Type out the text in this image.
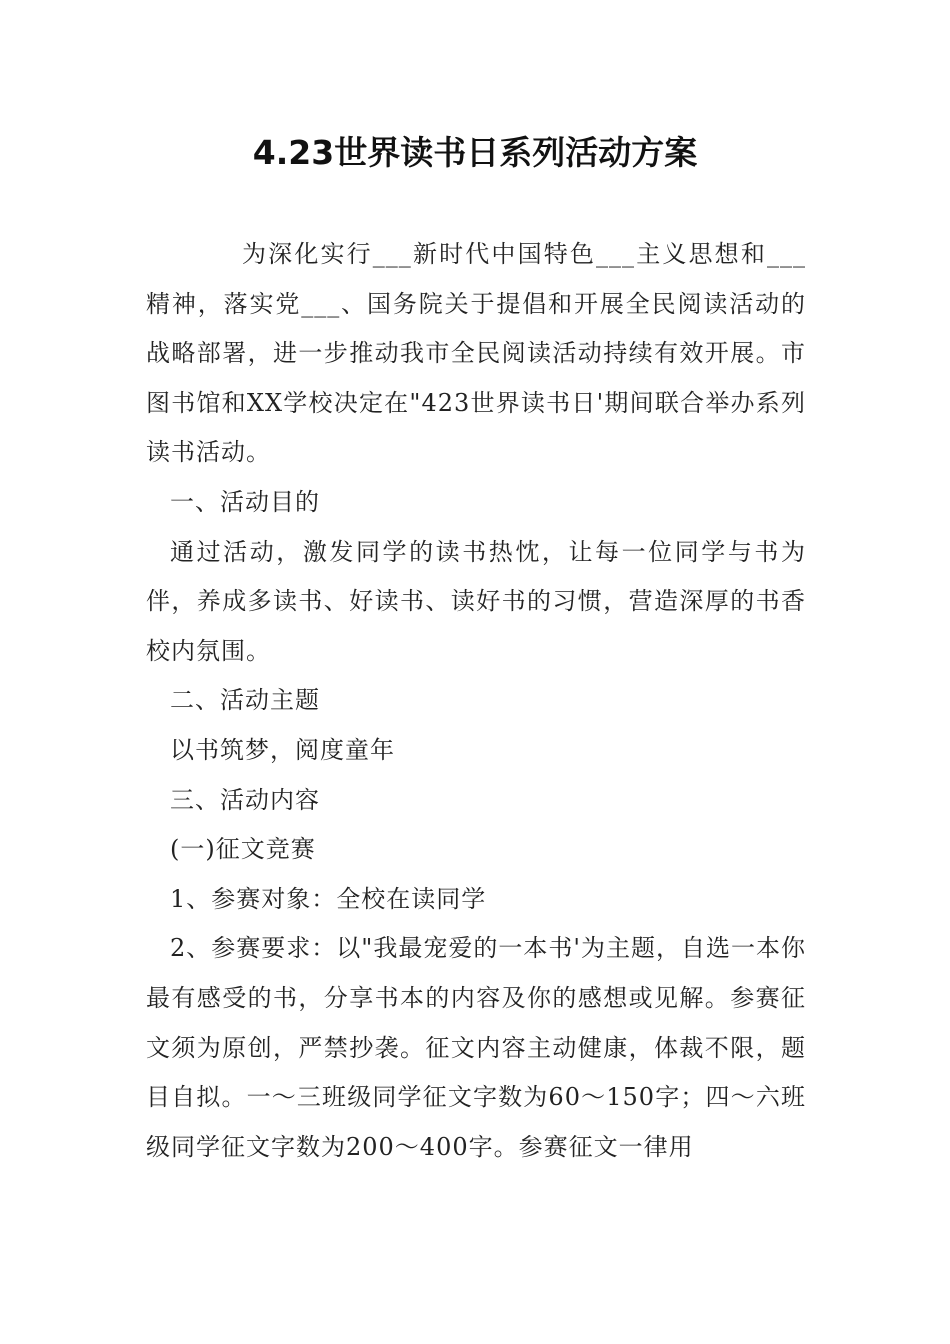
4.23世界读书日系列活动方案

为深化实行___新时代中国特色___主义思想和___精神，落实党___、国务院关于提倡和开展全民阅读活动的战略部署，进一步推动我市全民阅读活动持续有效开展。市图书馆和XX学校决定在"423世界读书日'期间联合举办系列读书活动。

一、活动目的

通过活动，激发同学的读书热忱，让每一位同学与书为伴，养成多读书、好读书、读好书的习惯，营造深厚的书香校内氛围。

二、活动主题

以书筑梦，阅度童年

三、活动内容

(一)征文竞赛

1、参赛对象：全校在读同学

2、参赛要求：以"我最宠爱的一本书'为主题，自选一本你最有感受的书，分享书本的内容及你的感想或见解。参赛征文须为原创，严禁抄袭。征文内容主动健康，体裁不限，题目自拟。一～三班级同学征文字数为60～150字；四～六班级同学征文字数为200～400字。参赛征文一律用
